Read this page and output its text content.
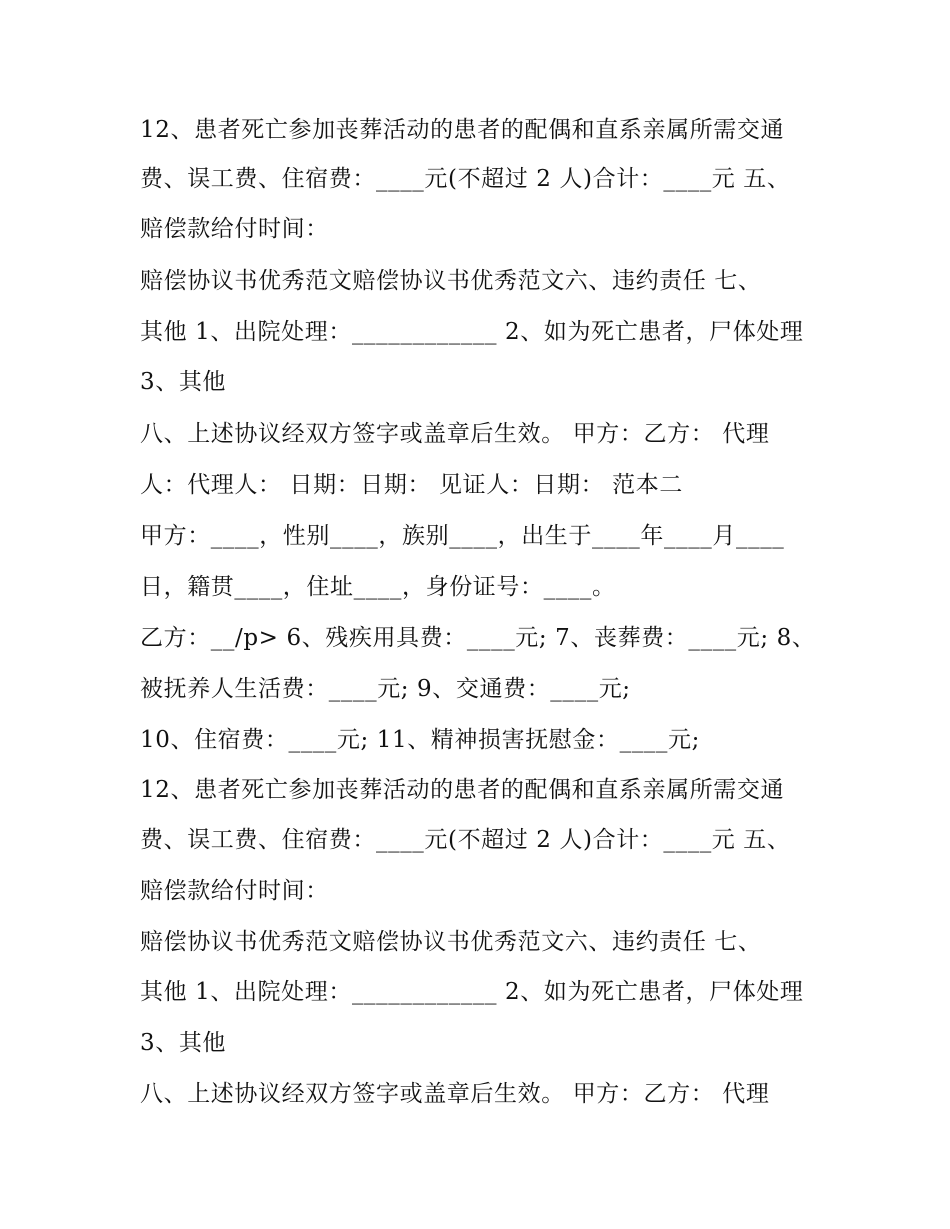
12、患者死亡参加丧葬活动的患者的配偶和直系亲属所需交通
费、误工费、住宿费：____元(不超过 2 人)合计：____元 五、
赔偿款给付时间：
赔偿协议书优秀范文赔偿协议书优秀范文六、违约责任 七、
其他 1、出院处理：____________ 2、如为死亡患者，尸体处理
3、其他
八、上述协议经双方签字或盖章后生效。 甲方：乙方： 代理
人：代理人： 日期：日期： 见证人：日期： 范本二
甲方：____，性别____，族别____，出生于____年____月____
日，籍贯____，住址____，身份证号：____。
乙方：__/p> 6、残疾用具费：____元; 7、丧葬费：____元; 8、
被抚养人生活费：____元; 9、交通费：____元;
10、住宿费：____元; 11、精神损害抚慰金：____元;
12、患者死亡参加丧葬活动的患者的配偶和直系亲属所需交通
费、误工费、住宿费：____元(不超过 2 人)合计：____元 五、
赔偿款给付时间：
赔偿协议书优秀范文赔偿协议书优秀范文六、违约责任 七、
其他 1、出院处理：____________ 2、如为死亡患者，尸体处理
3、其他
八、上述协议经双方签字或盖章后生效。 甲方：乙方： 代理
